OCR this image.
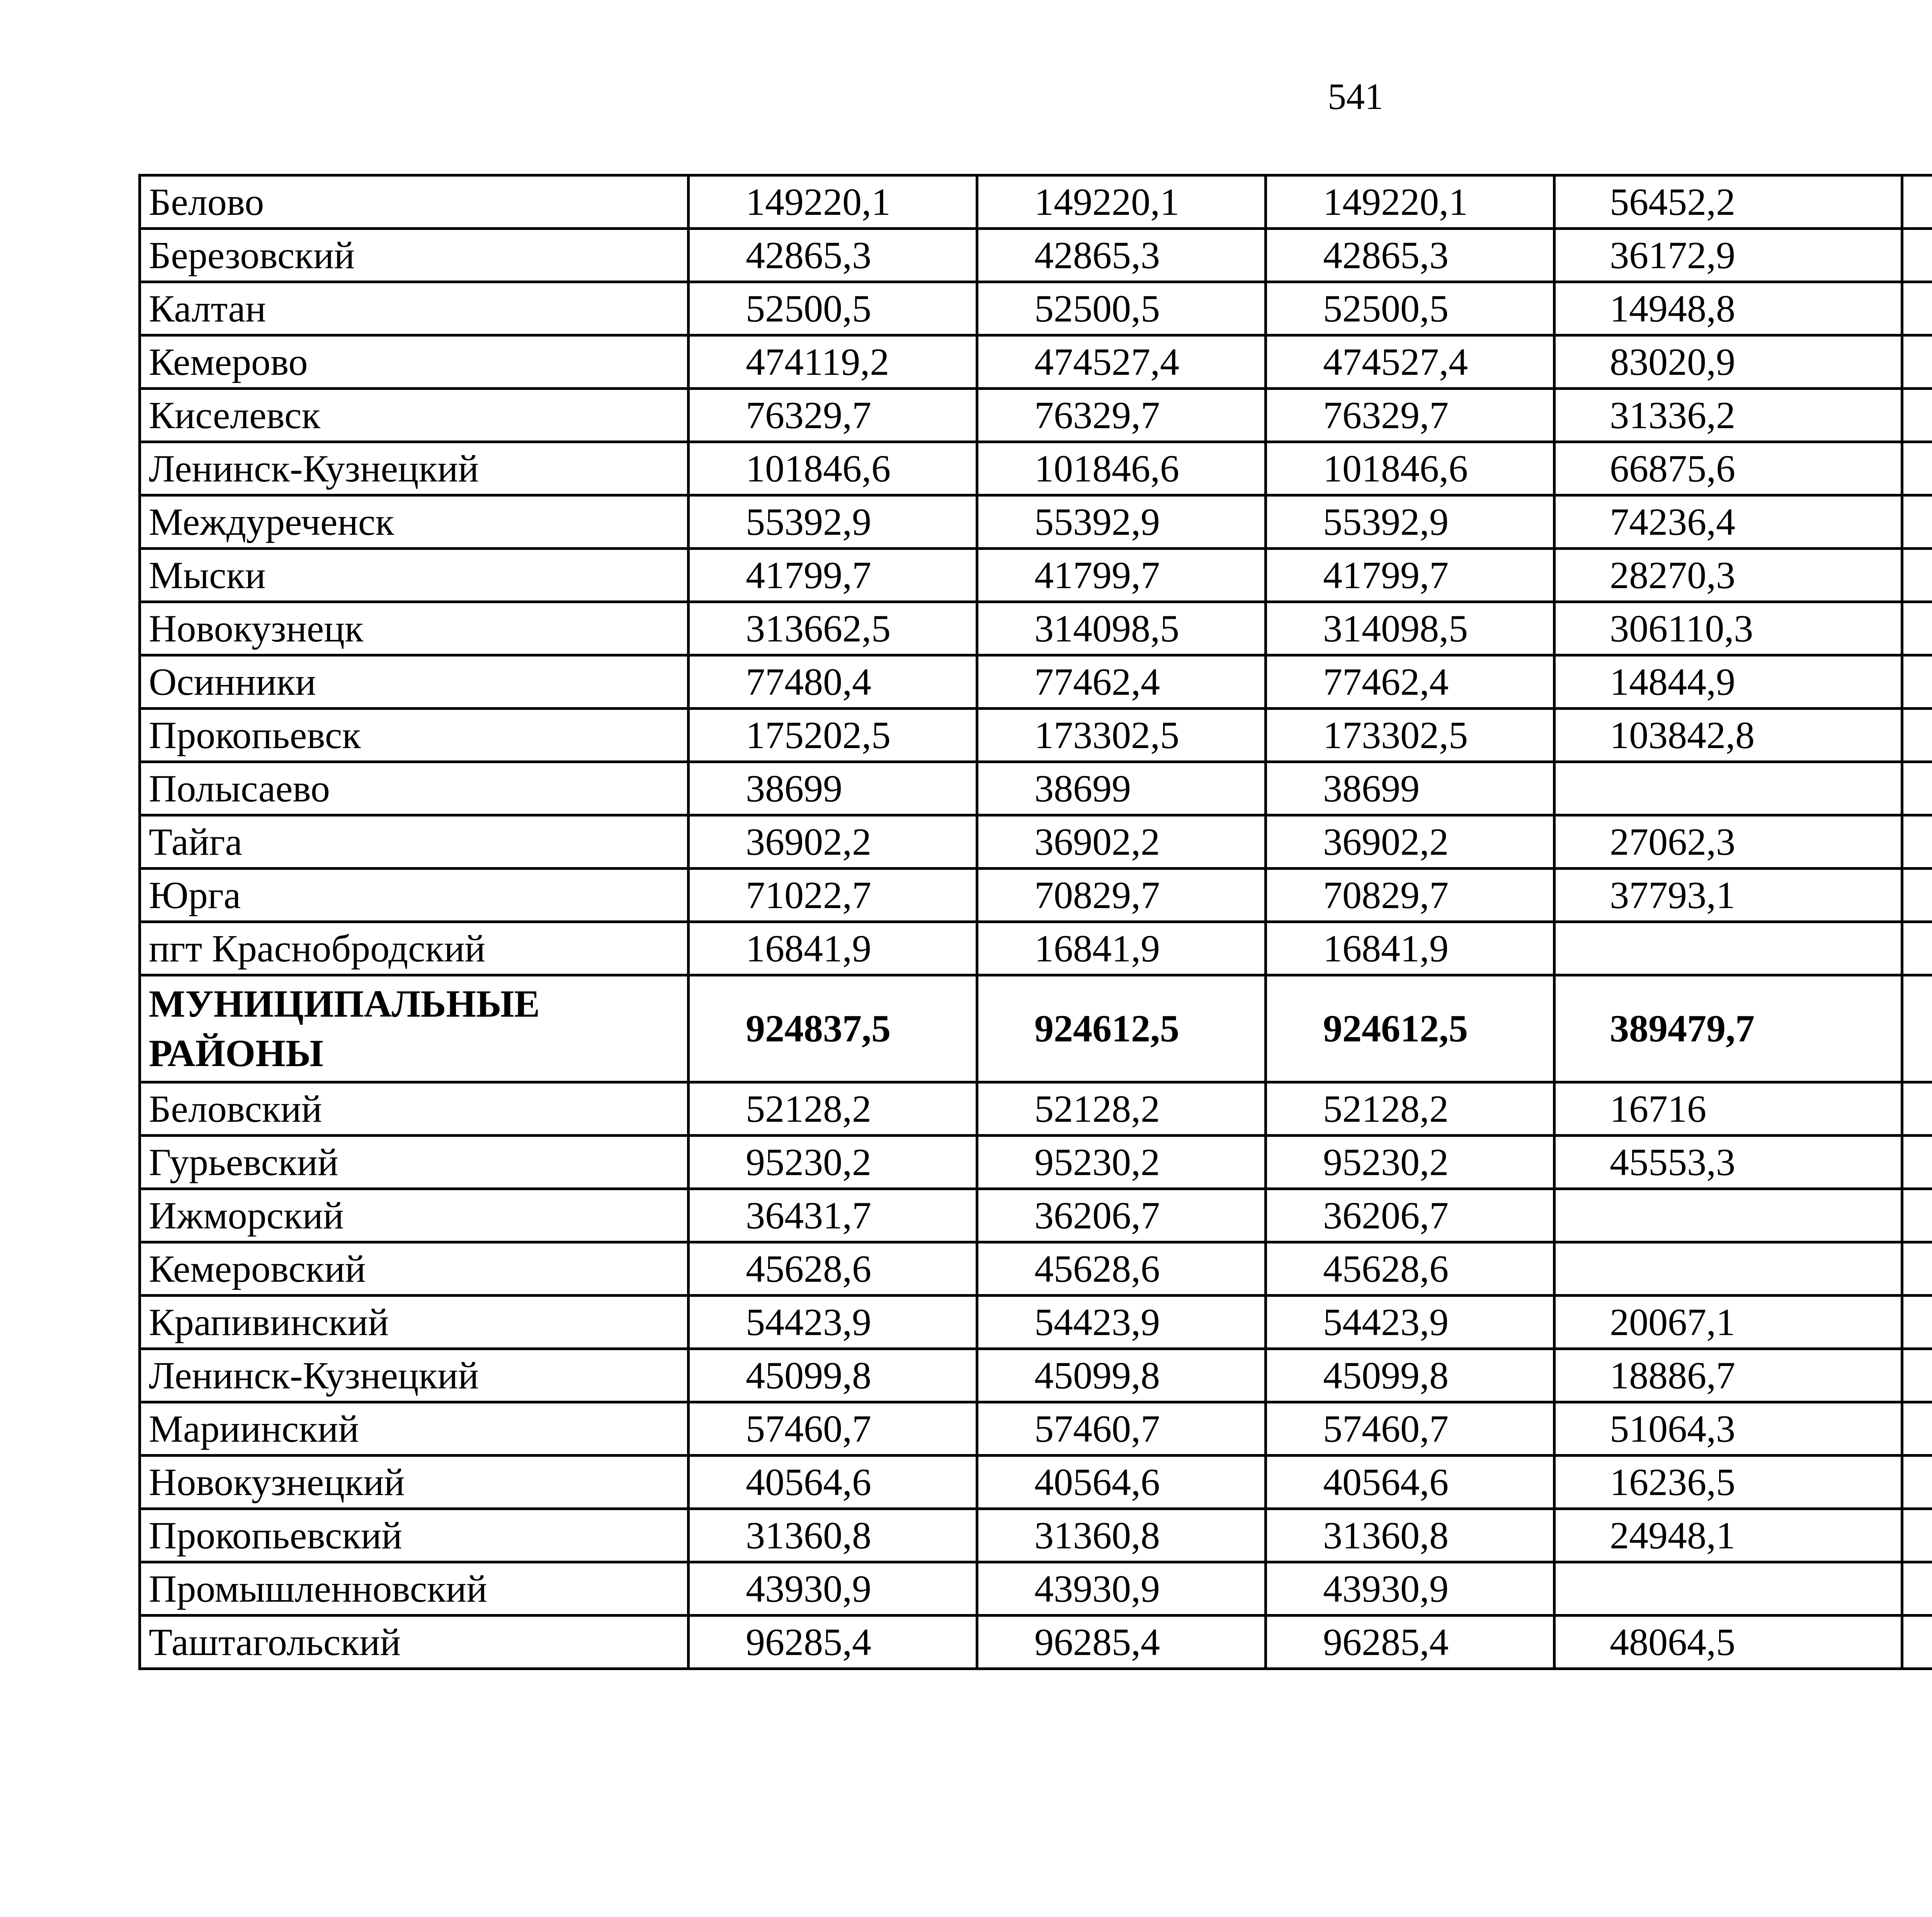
541
Белово	149220,1	149220,1	149220,1	56452,2		
Березовский	42865,3	42865,3	42865,3	36172,9		
Калтан	52500,5	52500,5	52500,5	14948,8		
Кемерово	474119,2	474527,4	474527,4	83020,9		
Киселевск	76329,7	76329,7	76329,7	31336,2		
Ленинск-Кузнецкий	101846,6	101846,6	101846,6	66875,6		
Междуреченск	55392,9	55392,9	55392,9	74236,4		
Мыски	41799,7	41799,7	41799,7	28270,3		
Новокузнецк	313662,5	314098,5	314098,5	306110,3		
Осинники	77480,4	77462,4	77462,4	14844,9		
Прокопьевск	175202,5	173302,5	173302,5	103842,8		
Полысаево	38699	38699	38699			
Тайга	36902,2	36902,2	36902,2	27062,3		
Юрга	71022,7	70829,7	70829,7	37793,1		
пгт Краснобродский	16841,9	16841,9	16841,9			
МУНИЦИПАЛЬНЫЕ РАЙОНЫ	924837,5	924612,5	924612,5	389479,7		
Беловский	52128,2	52128,2	52128,2	16716		
Гурьевский	95230,2	95230,2	95230,2	45553,3		
Ижморский	36431,7	36206,7	36206,7			
Кемеровский	45628,6	45628,6	45628,6			
Крапивинский	54423,9	54423,9	54423,9	20067,1		
Ленинск-Кузнецкий	45099,8	45099,8	45099,8	18886,7		
Мариинский	57460,7	57460,7	57460,7	51064,3		
Новокузнецкий	40564,6	40564,6	40564,6	16236,5		
Прокопьевский	31360,8	31360,8	31360,8	24948,1		
Промышленновский	43930,9	43930,9	43930,9			
Таштагольский	96285,4	96285,4	96285,4	48064,5		
